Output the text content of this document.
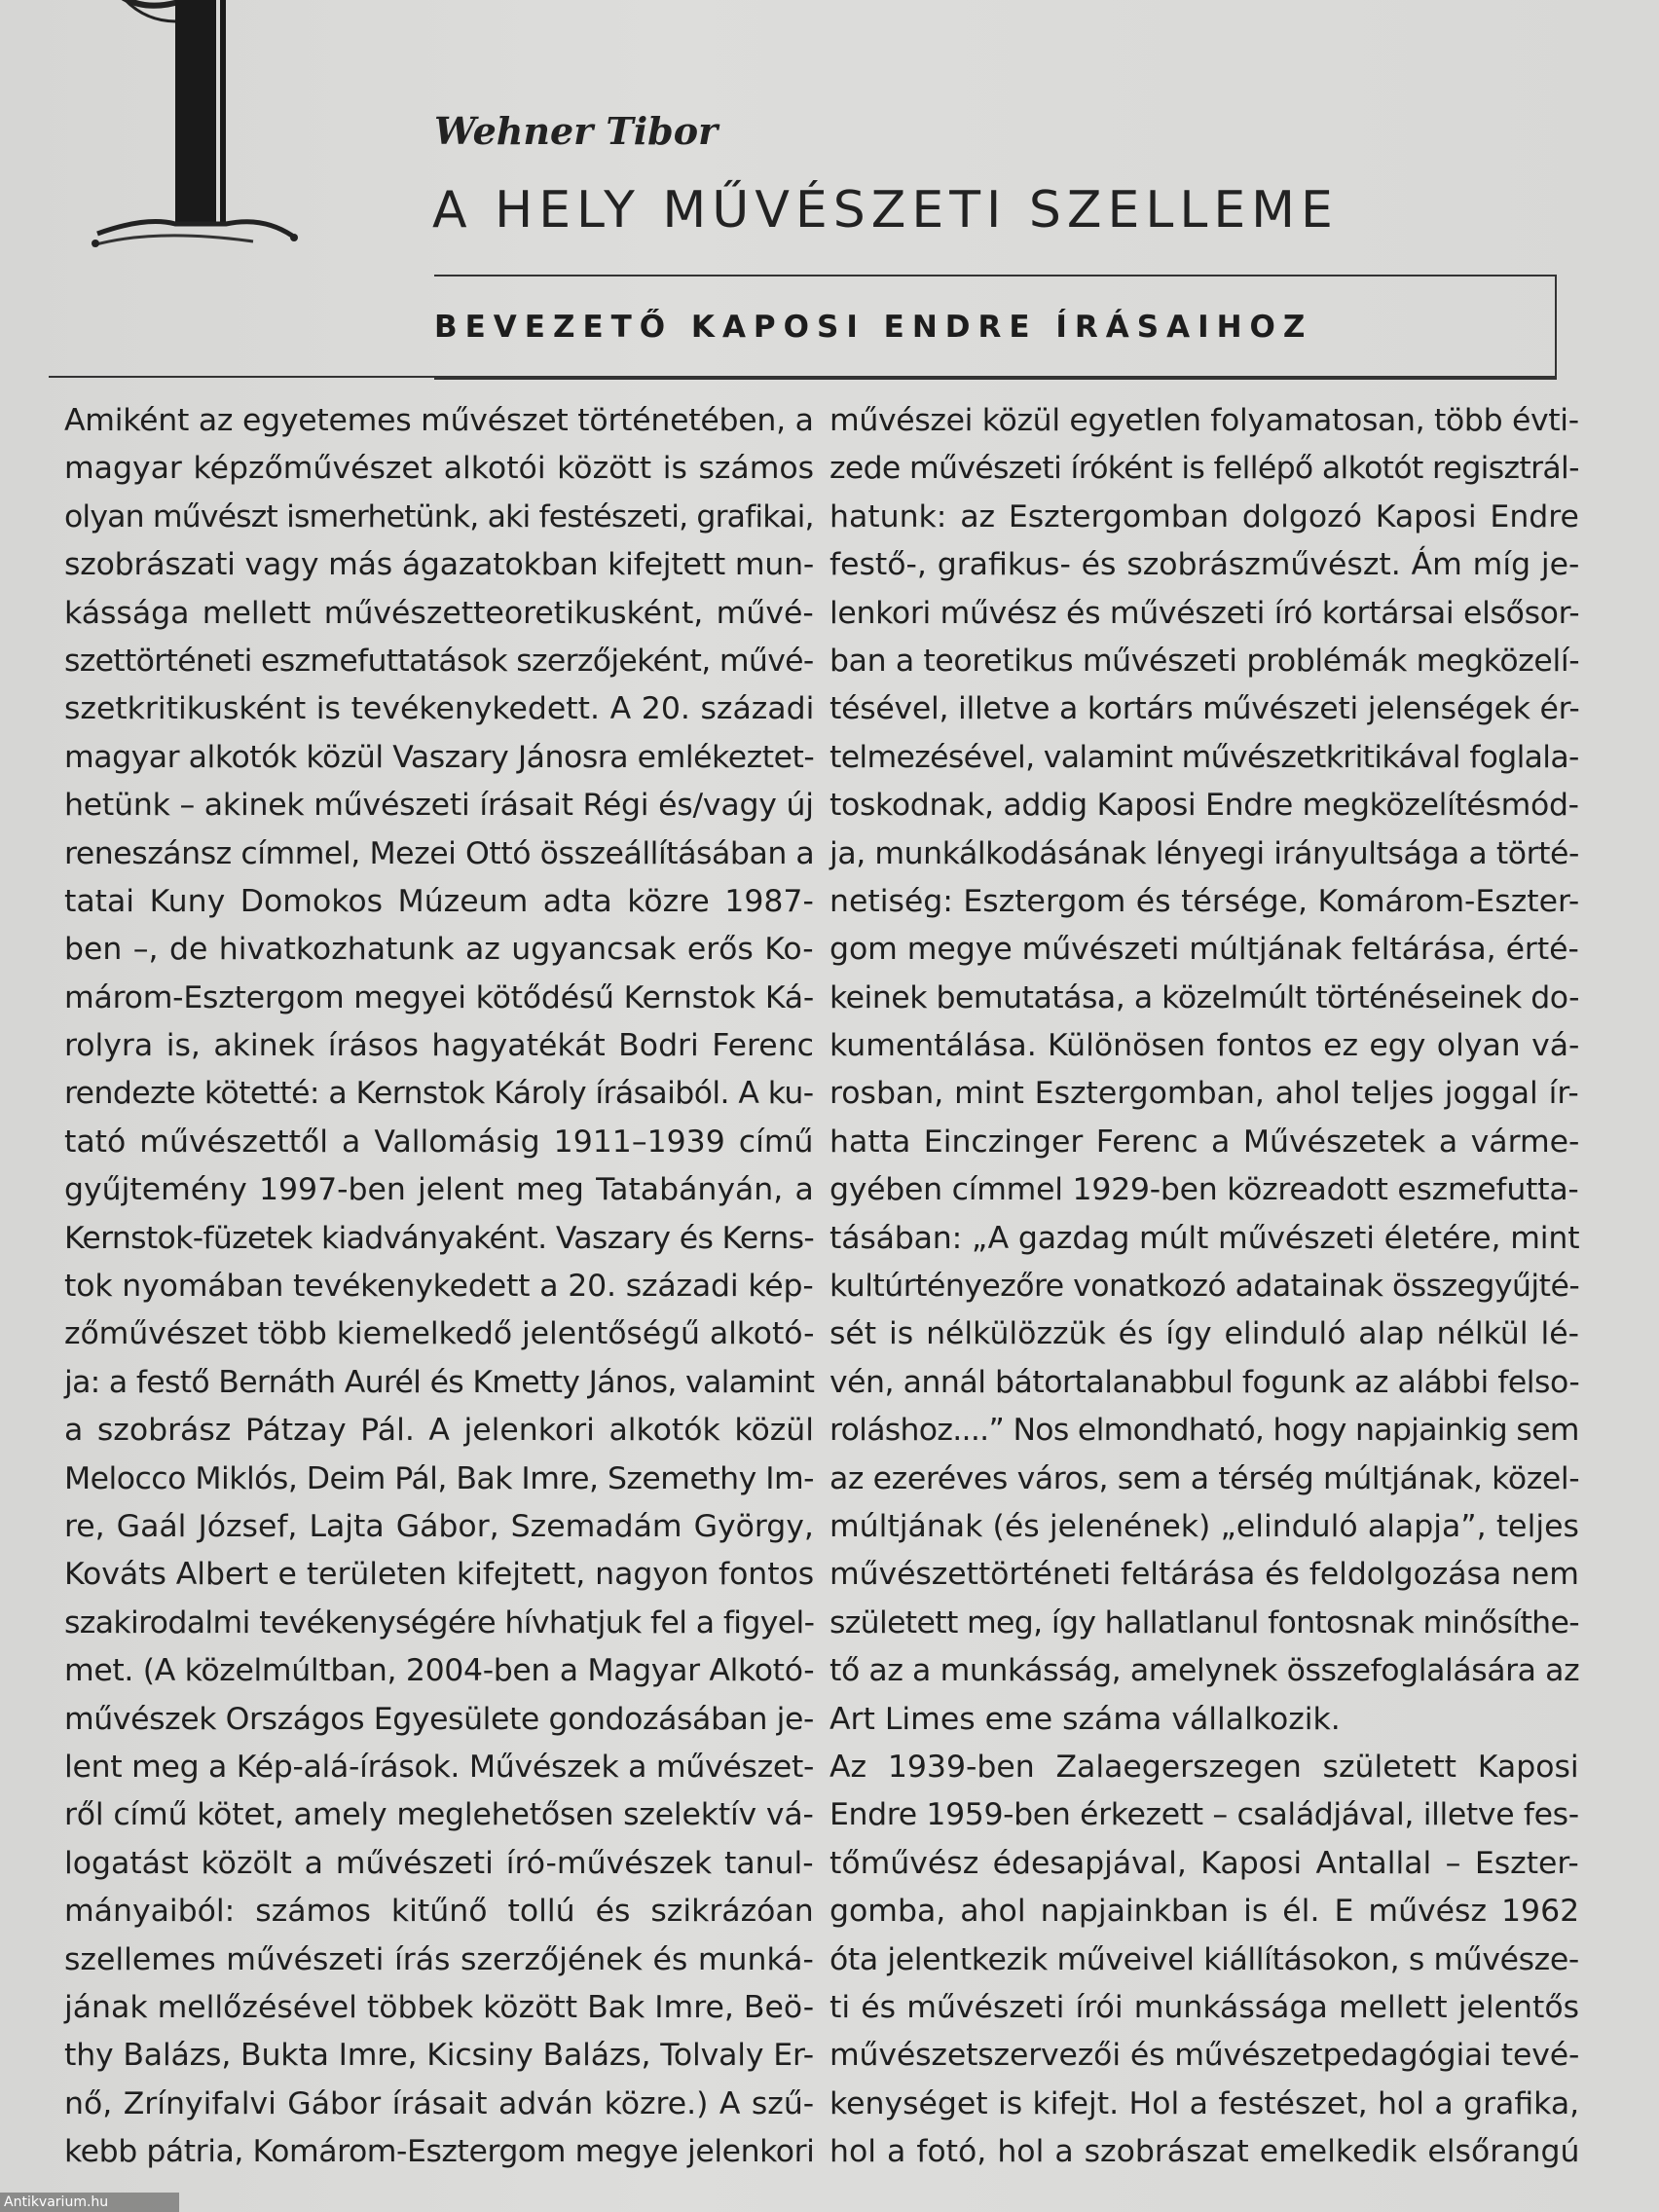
Wehner Tibor
A HELY MŰVÉSZETI SZELLEME
BEVEZETŐ KAPOSI ENDRE ÍRÁSAIHOZ
Amiként az egyetemes művészet történetében, a
magyar képzőművészet alkotói között is számos
olyan művészt ismerhetünk, aki festészeti, grafikai,
szobrászati vagy más ágazatokban kifejtett mun-
kássága mellett művészetteoretikusként, művé-
szettörténeti eszmefuttatások szerzőjeként, művé-
szetkritikusként is tevékenykedett. A 20. századi
magyar alkotók közül Vaszary Jánosra emlékeztet-
hetünk – akinek művészeti írásait Régi és/vagy új
reneszánsz címmel, Mezei Ottó összeállításában a
tatai Kuny Domokos Múzeum adta közre 1987-
ben –, de hivatkozhatunk az ugyancsak erős Ko-
márom-Esztergom megyei kötődésű Kernstok Ká-
rolyra is, akinek írásos hagyatékát Bodri Ferenc
rendezte kötetté: a Kernstok Károly írásaiból. A ku-
tató művészettől a Vallomásig 1911–1939 című
gyűjtemény 1997-ben jelent meg Tatabányán, a
Kernstok-füzetek kiadványaként. Vaszary és Kerns-
tok nyomában tevékenykedett a 20. századi kép-
zőművészet több kiemelkedő jelentőségű alkotó-
ja: a festő Bernáth Aurél és Kmetty János, valamint
a szobrász Pátzay Pál. A jelenkori alkotók közül
Melocco Miklós, Deim Pál, Bak Imre, Szemethy Im-
re, Gaál József, Lajta Gábor, Szemadám György,
Kováts Albert e területen kifejtett, nagyon fontos
szakirodalmi tevékenységére hívhatjuk fel a figyel-
met. (A közelmúltban, 2004-ben a Magyar Alkotó-
művészek Országos Egyesülete gondozásában je-
lent meg a Kép-alá-írások. Művészek a művészet-
ről című kötet, amely meglehetősen szelektív vá-
logatást közölt a művészeti író-művészek tanul-
mányaiból: számos kitűnő tollú és szikrázóan
szellemes művészeti írás szerzőjének és munká-
jának mellőzésével többek között Bak Imre, Beö-
thy Balázs, Bukta Imre, Kicsiny Balázs, Tolvaly Er-
nő, Zrínyifalvi Gábor írásait adván közre.) A szű-
kebb pátria, Komárom-Esztergom megye jelenkori
művészei közül egyetlen folyamatosan, több évti-
zede művészeti íróként is fellépő alkotót regisztrál-
hatunk: az Esztergomban dolgozó Kaposi Endre
festő-, grafikus- és szobrászművészt. Ám míg je-
lenkori művész és művészeti író kortársai elsősor-
ban a teoretikus művészeti problémák megközelí-
tésével, illetve a kortárs művészeti jelenségek ér-
telmezésével, valamint művészetkritikával foglala-
toskodnak, addig Kaposi Endre megközelítésmód-
ja, munkálkodásának lényegi irányultsága a törté-
netiség: Esztergom és térsége, Komárom-Eszter-
gom megye művészeti múltjának feltárása, érté-
keinek bemutatása, a közelmúlt történéseinek do-
kumentálása. Különösen fontos ez egy olyan vá-
rosban, mint Esztergomban, ahol teljes joggal ír-
hatta Einczinger Ferenc a Művészetek a várme-
gyében címmel 1929-ben közreadott eszmefutta-
tásában: „A gazdag múlt művészeti életére, mint
kultúrtényezőre vonatkozó adatainak összegyűjté-
sét is nélkülözzük és így elinduló alap nélkül lé-
vén, annál bátortalanabbul fogunk az alábbi felso-
roláshoz....” Nos elmondható, hogy napjainkig sem
az ezeréves város, sem a térség múltjának, közel-
múltjának (és jelenének) „elinduló alapja”, teljes
művészettörténeti feltárása és feldolgozása nem
született meg, így hallatlanul fontosnak minősíthe-
tő az a munkásság, amelynek összefoglalására az
Art Limes eme száma vállalkozik.
Az 1939-ben Zalaegerszegen született Kaposi
Endre 1959-ben érkezett – családjával, illetve fes-
tőművész édesapjával, Kaposi Antallal – Eszter-
gomba, ahol napjainkban is él. E művész 1962
óta jelentkezik műveivel kiállításokon, s művésze-
ti és művészeti írói munkássága mellett jelentős
művészetszervezői és művészetpedagógiai tevé-
kenységet is kifejt. Hol a festészet, hol a grafika,
hol a fotó, hol a szobrászat emelkedik elsőrangú
Antikvarium.hu
